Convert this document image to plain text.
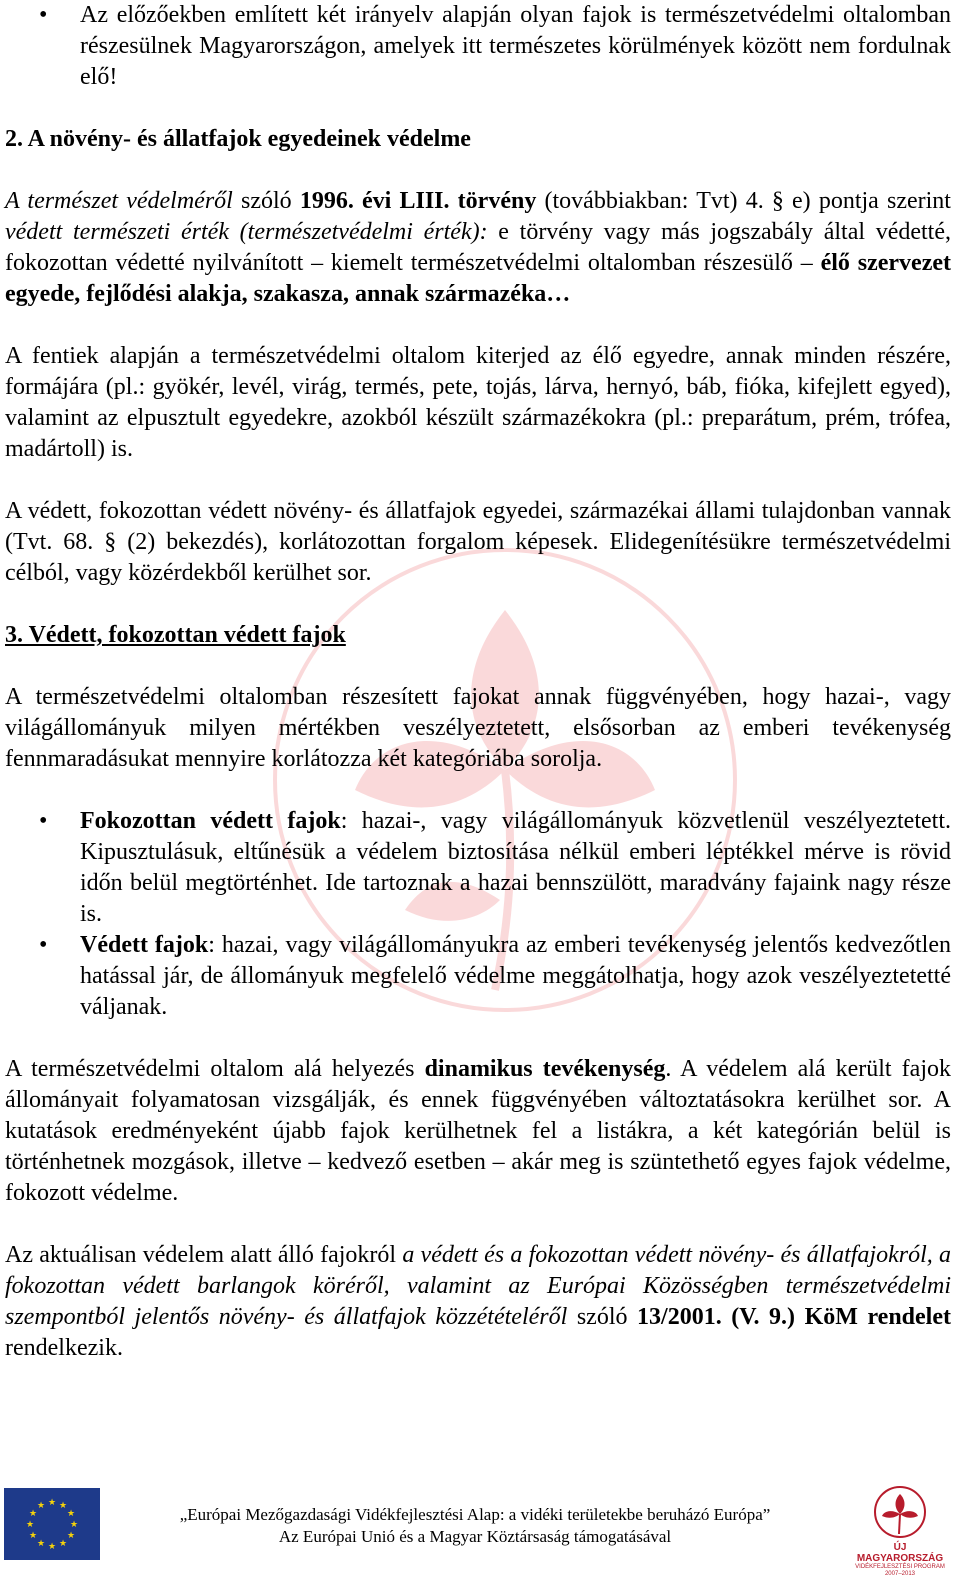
• Az előzőekben említett két irányelv alapján olyan fajok is természetvédelmi oltalomban részesülnek Magyarországon, amelyek itt természetes körülmények között nem fordulnak elő!
2. A növény- és állatfajok egyedeinek védelme

A természet védelméről szóló 1996. évi LIII. törvény (továbbiakban: Tvt) 4. § e) pontja szerint védett természeti érték (természetvédelmi érték): e törvény vagy más jogszabály által védetté, fokozottan védetté nyilvánított – kiemelt természetvédelmi oltalomban részesülő – élő szervezet egyede, fejlődési alakja, szakasza, annak származéka…

A fentiek alapján a természetvédelmi oltalom kiterjed az élő egyedre, annak minden részére, formájára (pl.: gyökér, levél, virág, termés, pete, tojás, lárva, hernyó, báb, fióka, kifejlett egyed), valamint az elpusztult egyedekre, azokból készült származékokra (pl.: preparátum, prém, trófea, madártoll) is.

A védett, fokozottan védett növény- és állatfajok egyedei, származékai állami tulajdonban vannak (Tvt. 68. § (2) bekezdés), korlátozottan forgalom képesek. Elidegenítésükre természetvédelmi célból, vagy közérdekből kerülhet sor.

3. Védett, fokozottan védett fajok

A természetvédelmi oltalomban részesített fajokat annak függvényében, hogy hazai-, vagy világállományuk milyen mértékben veszélyeztetett, elsősorban az emberi tevékenység fennmaradásukat mennyire korlátozza két kategóriába sorolja.

• Fokozottan védett fajok: hazai-, vagy világállományuk közvetlenül veszélyeztetett. Kipusztulásuk, eltűnésük a védelem biztosítása nélkül emberi léptékkel mérve is rövid időn belül megtörténhet. Ide tartoznak a hazai bennszülött, maradvány fajaink nagy része is.
• Védett fajok: hazai, vagy világállományukra az emberi tevékenység jelentős kedvezőtlen hatással jár, de állományuk megfelelő védelme meggátolhatja, hogy azok veszélyeztetetté váljanak.

A természetvédelmi oltalom alá helyezés dinamikus tevékenység. A védelem alá került fajok állományait folyamatosan vizsgálják, és ennek függvényében változtatásokra kerülhet sor. A kutatások eredményeként újabb fajok kerülhetnek fel a listákra, a két kategórián belül is történhetnek mozgások, illetve – kedvező esetben – akár meg is szüntethető egyes fajok védelme, fokozott védelme.

Az aktuálisan védelem alatt álló fajokról a védett és a fokozottan védett növény- és állatfajokról, a fokozottan védett barlangok köréről, valamint az Európai Közösségben természetvédelmi szempontból jelentős növény- és állatfajok közzétételéről szóló 13/2001. (V. 9.) KöM rendelet rendelkezik.

★ ★
★
★
★
★
★
★
★
★
★
★	„Európai Mezőgazdasági Vidékfejlesztési Alap: a vidéki területekbe beruházó Európa”
Az Európai Unió és a Magyar Köztársaság támogatásával
ÚJ MAGYARORSZÁG
VIDÉKFEJLESZTÉSI PROGRAM
2007–2013
